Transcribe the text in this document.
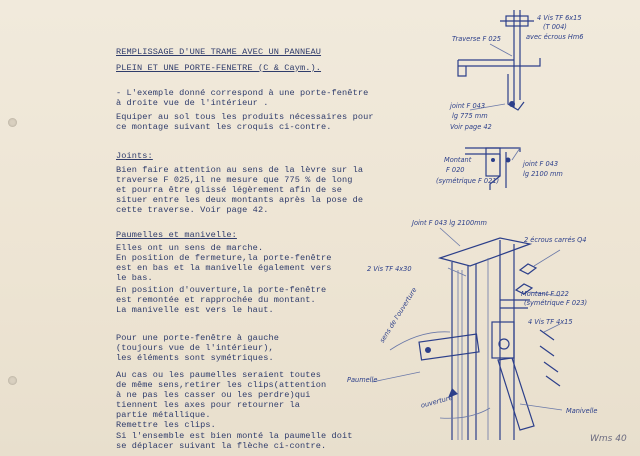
REMPLISSAGE D'UNE TRAME AVEC UN PANNEAU
PLEIN ET UNE PORTE-FENETRE (C & Caym.).
- L'exemple donné correspond à une porte-fenêtre
à droite vue de l'intérieur .
Equiper au sol tous les produits nécessaires pour
ce montage suivant les croquis ci-contre.
Joints:
Bien faire attention au sens de la lèvre sur la
traverse F 025,il ne mesure que 775 % de long
et pourra être glissé légèrement afin de se
situer entre les deux montants après la pose de
cette traverse. Voir page 42.
Paumelles et manivelle:
Elles ont un sens de marche.
En position de fermeture,la porte-fenêtre
est en bas et la manivelle également vers
le bas.
En position d'ouverture,la porte-fenêtre
est remontée et rapprochée du montant.
La manivelle est vers le haut.
Pour une porte-fenêtre à gauche
(toujours vue de l'intérieur),
les éléments sont symétriques.
Au cas ou les paumelles seraient toutes
de même sens,retirer les clips(attention
à ne pas les casser ou les perdre)qui
tiennent les axes pour retourner la
partie métallique.
Remettre les clips.
Si l'ensemble est bien monté la paumelle doit
se déplacer suivant la flèche ci-contre.
Traverse F 025
4 Vis TF 6x15
(T 004)
avec écrous Hm6
joint F 043
lg 775 mm
Voir page 42
Montant
F 020
(symétrique F 021)
joint F 043
lg 2100 mm
Joint F 043 lg 2100mm
2 écrous carrés Q4
2 Vis TF 4x30
Montant F 022
(symétrique F 023)
4 Vis TF 4x15
sens de l'ouverture
Paumelle
ouverture
Manivelle
Wms 40
